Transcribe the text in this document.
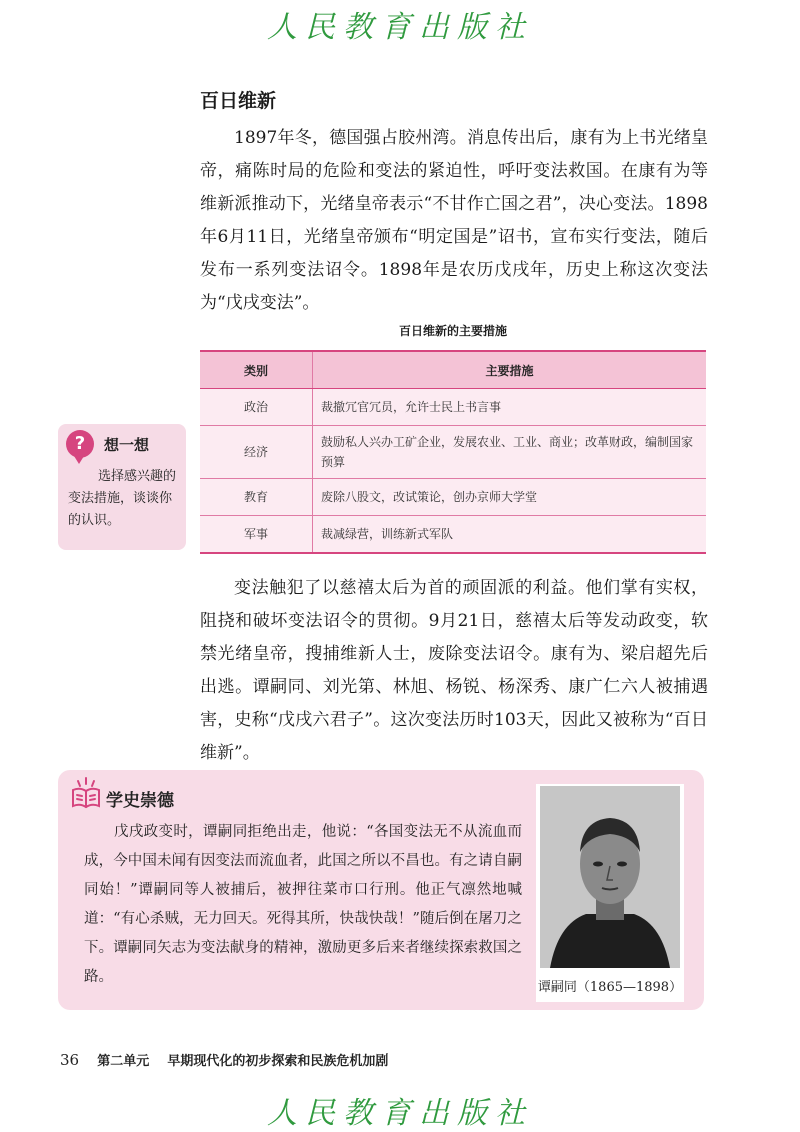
人民教育出版社
百日维新

1897年冬，德国强占胶州湾。消息传出后，康有为上书光绪皇帝，痛陈时局的危险和变法的紧迫性，呼吁变法救国。在康有为等维新派推动下，光绪皇帝表示“不甘作亡国之君”，决心变法。1898年6月11日，光绪皇帝颁布“明定国是”诏书，宣布实行变法，随后发布一系列变法诏令。1898年是农历戊戌年，历史上称这次变法为“戊戌变法”。

百日维新的主要措施
类别	主要措施
政治	裁撤冗官冗员，允许士民上书言事
经济	鼓励私人兴办工矿企业，发展农业、工业、商业；改革财政，编制国家预算
教育	废除八股文，改试策论，创办京师大学堂
军事	裁减绿营，训练新式军队
?	想一想
选择感兴趣的变法措施，谈谈你的认识。

变法触犯了以慈禧太后为首的顽固派的利益。他们掌有实权，阻挠和破坏变法诏令的贯彻。9月21日，慈禧太后等发动政变，软禁光绪皇帝，搜捕维新人士，废除变法诏令。康有为、梁启超先后出逃。谭嗣同、刘光第、林旭、杨锐、杨深秀、康广仁六人被捕遇害，史称“戊戌六君子”。这次变法历时103天，因此又被称为“百日维新”。

学史崇德

戊戌政变时，谭嗣同拒绝出走，他说：“各国变法无不从流血而成，今中国未闻有因变法而流血者，此国之所以不昌也。有之请自嗣同始！”谭嗣同等人被捕后，被押往菜市口行刑。他正气凛然地喊道：“有心杀贼，无力回天。死得其所，快哉快哉！”随后倒在屠刀之下。谭嗣同矢志为变法献身的精神，激励更多后来者继续探索救国之路。

谭嗣同（1865—1898）
36 第二单元 早期现代化的初步探索和民族危机加剧
人民教育出版社
